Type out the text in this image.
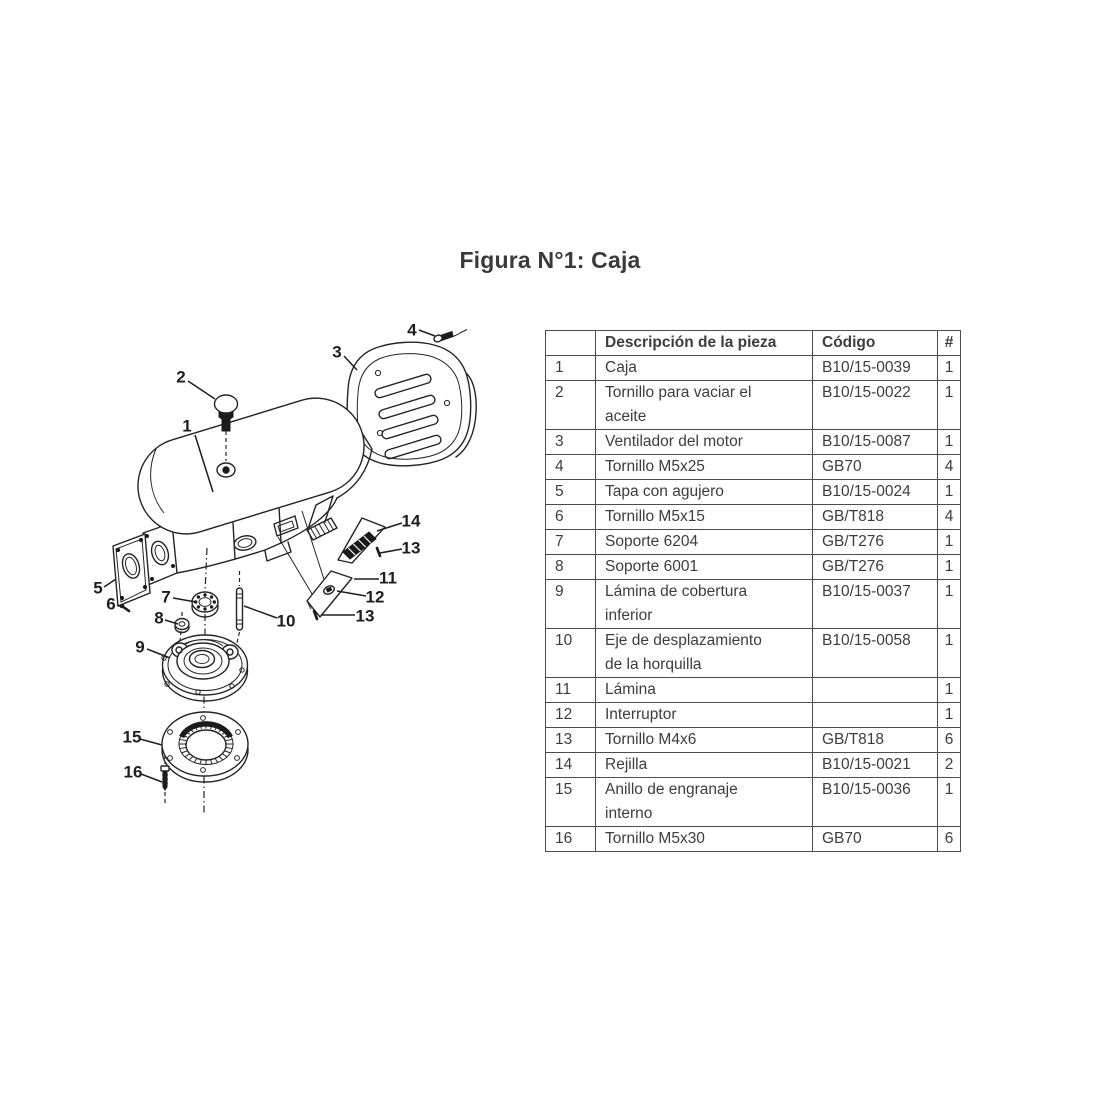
Figura N°1: Caja
1
2
3
4
5
6	7
8
9
10
11
12
13
13
14
15
16
	Descripción de la pieza	Código	#
1	Caja	B10/15-0039	1
2	Tornillo para vaciar el aceite	B10/15-0022	1
3	Ventilador del motor	B10/15-0087	1
4	Tornillo M5x25	GB70	4
5	Tapa con agujero	B10/15-0024	1
6	Tornillo M5x15	GB/T818	4
7	Soporte 6204	GB/T276	1
8	Soporte 6001	GB/T276	1
9	Lámina de cobertura inferior	B10/15-0037	1
10	Eje de desplazamiento de la horquilla	B10/15-0058	1
11	Lámina		1
12	Interruptor		1
13	Tornillo M4x6	GB/T818	6
14	Rejilla	B10/15-0021	2
15	Anillo de engranaje interno	B10/15-0036	1
16	Tornillo M5x30	GB70	6
